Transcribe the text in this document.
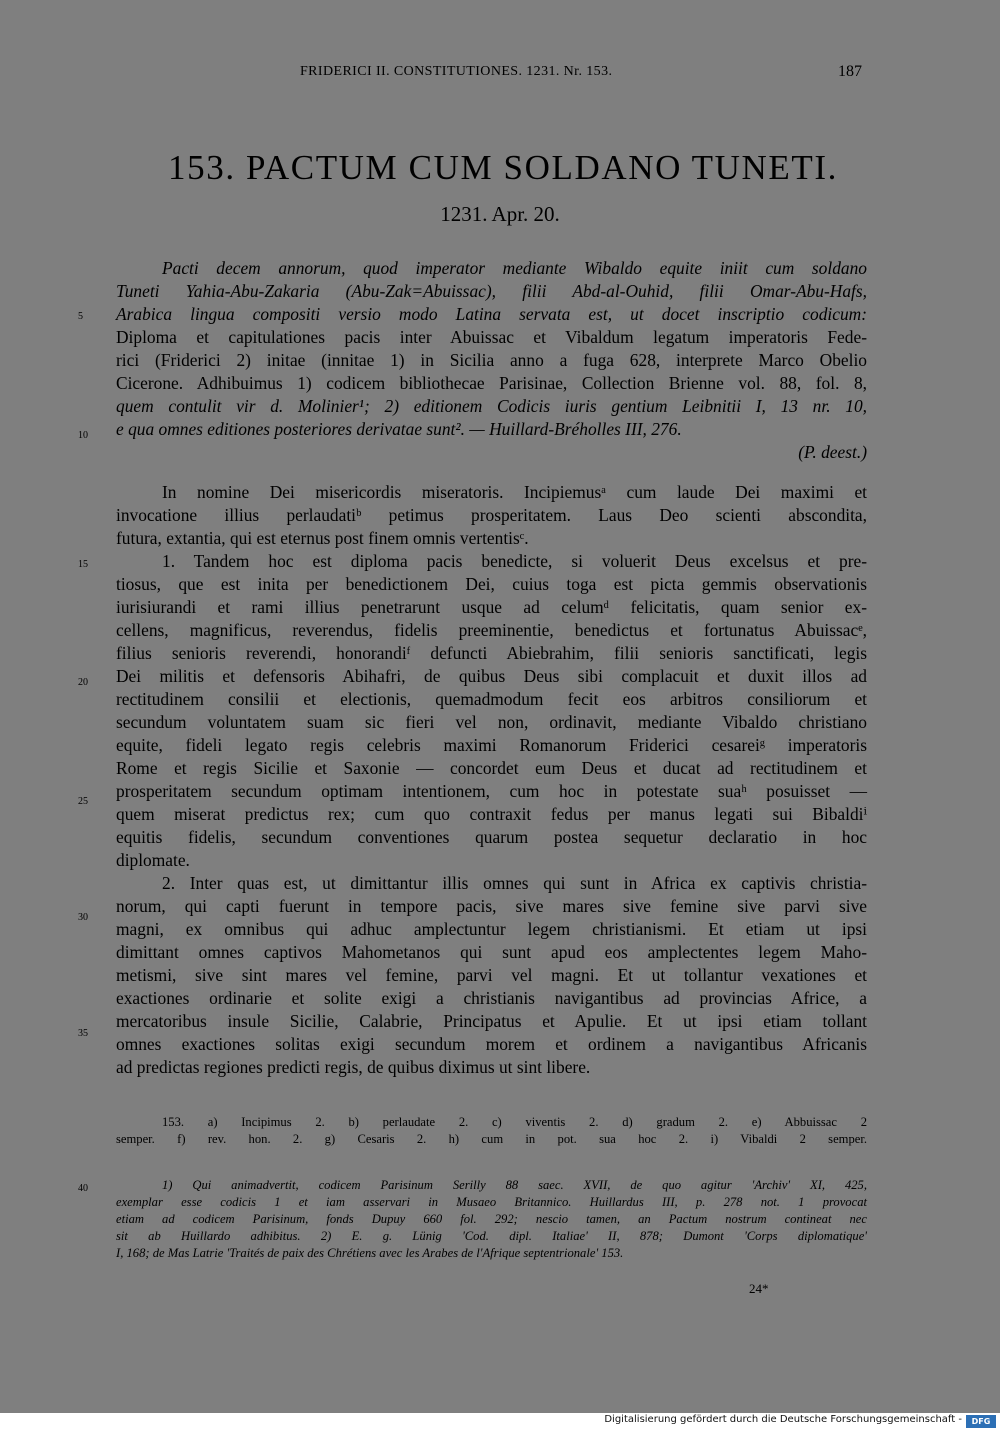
FRIDERICI II. CONSTITUTIONES. 1231. Nr. 153.	187
153. PACTUM CUM SOLDANO TUNETI.
1231. Apr. 20.
5
10
15
20
25
30
35
40
Pacti decem annorum, quod imperator mediante Wibaldo equite iniit cum soldano
Tuneti Yahia-Abu-Zakaria (Abu-Zak=Abuissac), filii Abd-al-Ouhid, filii Omar-Abu-Hafs,
Arabica lingua compositi versio modo Latina servata est, ut docet inscriptio codicum:
Diploma et capitulationes pacis inter Abuissac et Vibaldum legatum imperatoris Fede-
rici (Friderici 2) initae (innitae 1) in Sicilia anno a fuga 628, interprete Marco Obelio
Cicerone. Adhibuimus 1) codicem bibliothecae Parisinae, Collection Brienne vol. 88, fol. 8,
quem contulit vir d. Molinier¹; 2) editionem Codicis iuris gentium Leibnitii I, 13 nr. 10,
e qua omnes editiones posteriores derivatae sunt². — Huillard-Bréholles III, 276.
(P. deest.)
In nomine Dei misericordis miseratoris. Incipiemusᵃ cum laude Dei maximi et
invocatione illius perlaudatiᵇ petimus prosperitatem. Laus Deo scienti abscondita,
futura, extantia, qui est eternus post finem omnis vertentisᶜ.
1. Tandem hoc est diploma pacis benedicte, si voluerit Deus excelsus et pre-
tiosus, que est inita per benedictionem Dei, cuius toga est picta gemmis observationis
iurisiurandi et rami illius penetrarunt usque ad celumᵈ felicitatis, quam senior ex-
cellens, magnificus, reverendus, fidelis preeminentie, benedictus et fortunatus Abuissacᵉ,
filius senioris reverendi, honorandiᶠ defuncti Abiebrahim, filii senioris sanctificati, legis
Dei militis et defensoris Abihafri, de quibus Deus sibi complacuit et duxit illos ad
rectitudinem consilii et electionis, quemadmodum fecit eos arbitros consiliorum et
secundum voluntatem suam sic fieri vel non, ordinavit, mediante Vibaldo christiano
equite, fideli legato regis celebris maximi Romanorum Friderici cesareiᵍ imperatoris
Rome et regis Sicilie et Saxonie — concordet eum Deus et ducat ad rectitudinem et
prosperitatem secundum optimam intentionem, cum hoc in potestate suaʰ posuisset —
quem miserat predictus rex; cum quo contraxit fedus per manus legati sui Bibaldiⁱ
equitis fidelis, secundum conventiones quarum postea sequetur declaratio in hoc
diplomate.
2. Inter quas est, ut dimittantur illis omnes qui sunt in Africa ex captivis christia-
norum, qui capti fuerunt in tempore pacis, sive mares sive femine sive parvi sive
magni, ex omnibus qui adhuc amplectuntur legem christianismi. Et etiam ut ipsi
dimittant omnes captivos Mahometanos qui sunt apud eos amplectentes legem Maho-
metismi, sive sint mares vel femine, parvi vel magni. Et ut tollantur vexationes et
exactiones ordinarie et solite exigi a christianis navigantibus ad provincias Africe, a
mercatoribus insule Sicilie, Calabrie, Principatus et Apulie. Et ut ipsi etiam tollant
omnes exactiones solitas exigi secundum morem et ordinem a navigantibus Africanis
ad predictas regiones predicti regis, de quibus diximus ut sint libere.
153. a) Incipimus 2. b) perlaudate 2. c) viventis 2. d) gradum 2. e) Abbuissac 2
semper. f) rev. hon. 2. g) Cesaris 2. h) cum in pot. sua hoc 2. i) Vibaldi 2 semper.
1) Qui animadvertit, codicem Parisinum Serilly 88 saec. XVII, de quo agitur 'Archiv' XI, 425,
exemplar esse codicis 1 et iam asservari in Musaeo Britannico. Huillardus III, p. 278 not. 1 provocat
etiam ad codicem Parisinum, fonds Dupuy 660 fol. 292; nescio tamen, an Pactum nostrum contineat nec
sit ab Huillardo adhibitus. 2) E. g. Lünig 'Cod. dipl. Italiae' II, 878; Dumont 'Corps diplomatique'
I, 168; de Mas Latrie 'Traités de paix des Chrétiens avec les Arabes de l'Afrique septentrionale' 153.
24*
Digitalisierung gefördert durch die Deutsche Forschungsgemeinschaft -	DFG
